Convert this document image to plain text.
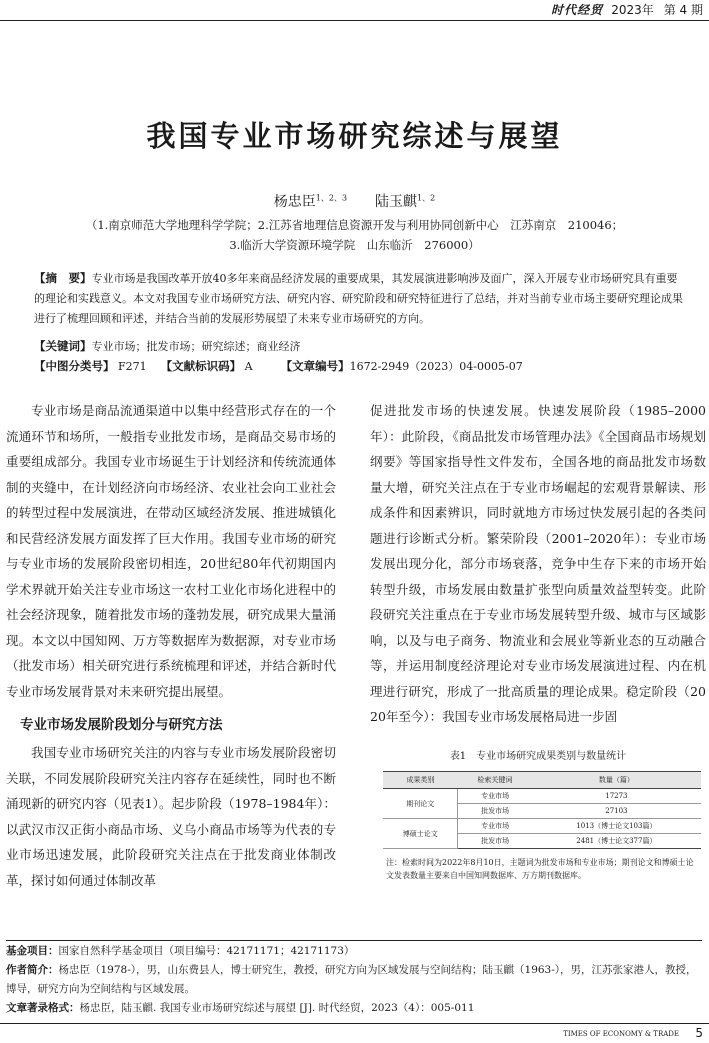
时代经贸 2023年 第 4 期
我国专业市场研究综述与展望
杨忠臣$^{1、2、3}$ 陆玉麒$^{1、2}$
（1.南京师范大学地理科学学院；2.江苏省地理信息资源开发与利用协同创新中心　江苏南京　210046；
3.临沂大学资源环境学院　山东临沂　276000）
【摘　要】专业市场是我国改革开放40多年来商品经济发展的重要成果，其发展演进影响涉及面广，深入开展专业市场研究具有重要的理论和实践意义。本文对我国专业市场研究方法、研究内容、研究阶段和研究特征进行了总结，并对当前专业市场主要研究理论成果进行了梳理回顾和评述，并结合当前的发展形势展望了未来专业市场研究的方向。
【关键词】专业市场；批发市场；研究综述；商业经济
【中图分类号】 F271 【文献标识码】 A 【文章编号】1672-2949（2023）04-0005-07

专业市场是商品流通渠道中以集中经营形式存在的一个流通环节和场所，一般指专业批发市场，是商品交易市场的重要组成部分。我国专业市场诞生于计划经济和传统流通体制的夹缝中，在计划经济向市场经济、农业社会向工业社会的转型过程中发展演进，在带动区域经济发展、推进城镇化和民营经济发展方面发挥了巨大作用。我国专业市场的研究与专业市场的发展阶段密切相连，20世纪80年代初期国内学术界就开始关注专业市场这一农村工业化市场化进程中的社会经济现象，随着批发市场的蓬勃发展，研究成果大量涌现。本文以中国知网、万方等数据库为数据源，对专业市场（批发市场）相关研究进行系统梳理和评述，并结合新时代专业市场发展背景对未来研究提出展望。

专业市场发展阶段划分与研究方法

我国专业市场研究关注的内容与专业市场发展阶段密切关联，不同发展阶段研究关注内容存在延续性，同时也不断涌现新的研究内容（见表1）。起步阶段（1978–1984年）：以武汉市汉正街小商品市场、义乌小商品市场等为代表的专业市场迅速发展，此阶段研究关注点在于批发商业体制改革，探讨如何通过体制改革

促进批发市场的快速发展。快速发展阶段（1985–2000年）：此阶段，《商品批发市场管理办法》《全国商品市场规划纲要》等国家指导性文件发布，全国各地的商品批发市场数量大增，研究关注点在于专业市场崛起的宏观背景解读、形成条件和因素辨识，同时就地方市场过快发展引起的各类问题进行诊断式分析。繁荣阶段（2001–2020年）：专业市场发展出现分化，部分市场衰落，竞争中生存下来的市场开始转型升级，市场发展由数量扩张型向质量效益型转变。此阶段研究关注重点在于专业市场发展转型升级、城市与区域影响，以及与电子商务、物流业和会展业等新业态的互动融合等，并运用制度经济理论对专业市场发展演进过程、内在机理进行研究，形成了一批高质量的理论成果。稳定阶段（2020年至今）：我国专业市场发展格局进一步固

表1　专业市场研究成果类别与数量统计
成果类别	检索关键词	数量（篇）
期刊论文	专业市场	17273
	批发市场	27103
博硕士论文	专业市场	1013（博士论文103篇）
	批发市场	2481（博士论文377篇）
注：检索时间为2022年8月10日，主题词为批发市场和专业市场；期刊论文和博硕士论文发表数量主要来自中国知网数据库、万方期刊数据库。
基金项目：国家自然科学基金项目（项目编号：42171171；42171173）
作者简介：杨忠臣（1978-），男，山东费县人，博士研究生，教授，研究方向为区域发展与空间结构；陆玉麒（1963-），男，江苏张家港人，教授，博导，研究方向为空间结构与区域发展。
文章著录格式：杨忠臣，陆玉麒. 我国专业市场研究综述与展望 [J]. 时代经贸，2023（4）：005-011
TIMES OF ECONOMY & TRADE 5
